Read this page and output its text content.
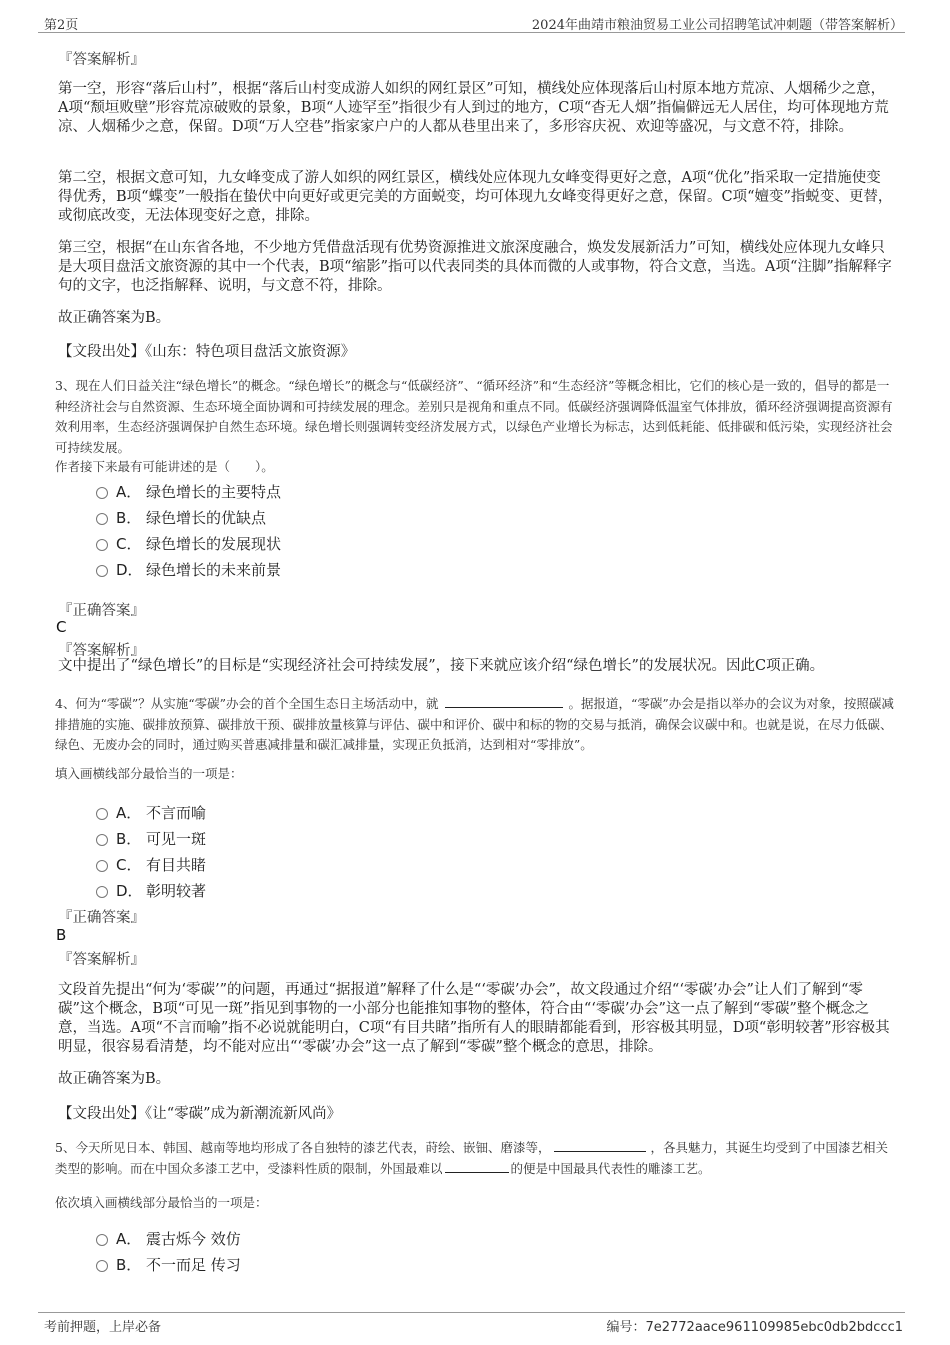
第2页	2024年曲靖市粮油贸易工业公司招聘笔试冲刺题（带答案解析）
『答案解析』
第一空，形容“落后山村”，根据“落后山村变成游人如织的网红景区”可知，横线处应体现落后山村原本地方荒凉、人烟稀少之意，A项“颓垣败壁”形容荒凉破败的景象，B项“人迹罕至”指很少有人到过的地方，C项“杳无人烟”指偏僻远无人居住，均可体现地方荒凉、人烟稀少之意，保留。D项“万人空巷”指家家户户的人都从巷里出来了，多形容庆祝、欢迎等盛况，与文意不符，排除。
第二空，根据文意可知，九女峰变成了游人如织的网红景区，横线处应体现九女峰变得更好之意，A项“优化”指采取一定措施使变得优秀，B项“蝶变”一般指在蛰伏中向更好或更完美的方面蜕变，均可体现九女峰变得更好之意，保留。C项“嬗变”指蜕变、更替，或彻底改变，无法体现变好之意，排除。
第三空，根据“在山东省各地，不少地方凭借盘活现有优势资源推进文旅深度融合，焕发发展新活力”可知，横线处应体现九女峰只是大项目盘活文旅资源的其中一个代表，B项“缩影”指可以代表同类的具体而微的人或事物，符合文意，当选。A项“注脚”指解释字句的文字，也泛指解释、说明，与文意不符，排除。
故正确答案为B。
【文段出处】《山东：特色项目盘活文旅资源》
3、现在人们日益关注“绿色增长”的概念。“绿色增长”的概念与“低碳经济”、“循环经济”和“生态经济”等概念相比，它们的核心是一致的，倡导的都是一种经济社会与自然资源、生态环境全面协调和可持续发展的理念。差别只是视角和重点不同。低碳经济强调降低温室气体排放，循环经济强调提高资源有效利用率，生态经济强调保护自然生态环境。绿色增长则强调转变经济发展方式，以绿色产业增长为标志，达到低耗能、低排碳和低污染，实现经济社会可持续发展。
作者接下来最有可能讲述的是（　　）。
A． 绿色增长的主要特点
B． 绿色增长的优缺点
C． 绿色增长的发展现状
D． 绿色增长的未来前景
『正确答案』
C
『答案解析』
文中提出了“绿色增长”的目标是“实现经济社会可持续发展”，接下来就应该介绍“绿色增长”的发展状况。因此C项正确。
4、何为“零碳”？从实施“零碳”办会的首个全国生态日主场活动中，就	。据报道，“零碳”办会是指以举办的会议为对象，按照碳减排措施的实施、碳排放预算、碳排放干预、碳排放量核算与评估、碳中和评价、碳中和标的物的交易与抵消，确保会议碳中和。也就是说，在尽力低碳、绿色、无废办会的同时，通过购买普惠减排量和碳汇减排量，实现正负抵消，达到相对“零排放”。
填入画横线部分最恰当的一项是：
A． 不言而喻
B． 可见一斑
C． 有目共睹
D． 彰明较著
『正确答案』
B
『答案解析』
文段首先提出“何为‘零碳’”的问题，再通过“据报道”解释了什么是“‘零碳’办会”，故文段通过介绍“‘零碳’办会”让人们了解到“零碳”这个概念，B项“可见一斑”指见到事物的一小部分也能推知事物的整体，符合由“‘零碳’办会”这一点了解到“零碳”整个概念之意，当选。A项“不言而喻”指不必说就能明白，C项“有目共睹”指所有人的眼睛都能看到，形容极其明显，D项“彰明较著”形容极其明显，很容易看清楚，均不能对应出“‘零碳’办会”这一点了解到“零碳”整个概念的意思，排除。
故正确答案为B。
【文段出处】《让“零碳”成为新潮流新风尚》
5、今天所见日本、韩国、越南等地均形成了各自独特的漆艺代表，莳绘、嵌钿、磨漆等，	，各具魅力，其诞生均受到了中国漆艺相关类型的影响。而在中国众多漆工艺中，受漆料性质的限制，外国最难以	的便是中国最具代表性的雕漆工艺。
依次填入画横线部分最恰当的一项是：
A． 震古烁今 效仿
B． 不一而足 传习
考前押题，上岸必备	编号：7e2772aace961109985ebc0db2bdccc1
